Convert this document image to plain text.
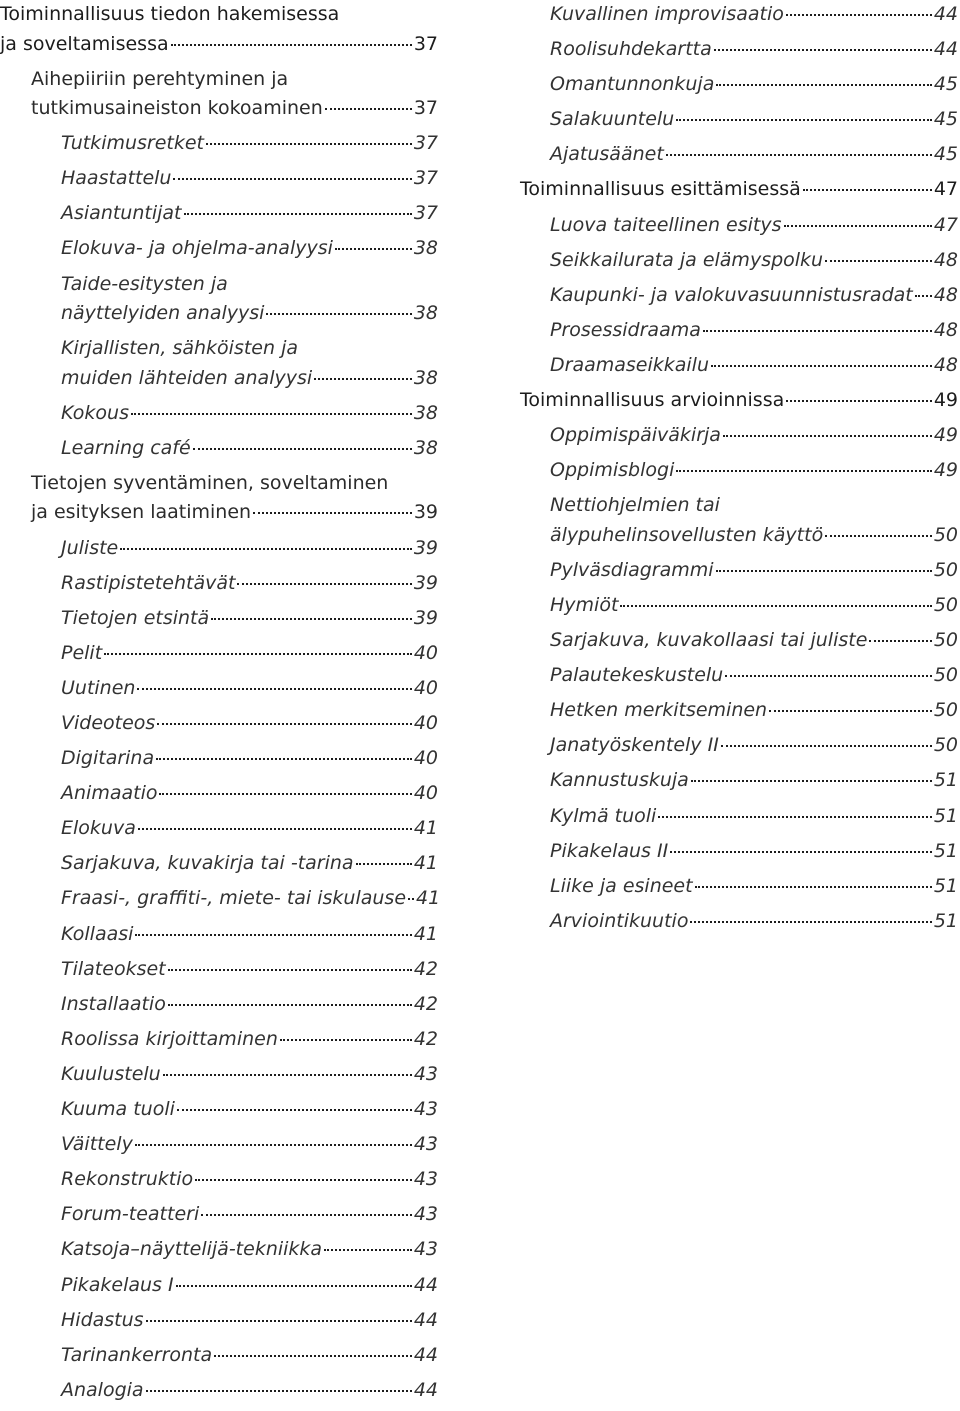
Toiminnallisuus tiedon hakemisessa
ja soveltamisessa	37
Aihepiiriin perehtyminen ja
tutkimusaineiston kokoaminen	37
Tutkimusretket	37
Haastattelu	37
Asiantuntijat	37
Elokuva- ja ohjelma-analyysi	38
Taide-esitysten ja
näyttelyiden analyysi	38
Kirjallisten, sähköisten ja
muiden lähteiden analyysi	38
Kokous	38
Learning café	38
Tietojen syventäminen, soveltaminen
ja esityksen laatiminen	39
Juliste	39
Rastipistetehtävät	39
Tietojen etsintä	39
Pelit	40
Uutinen	40
Videoteos	40
Digitarina	40
Animaatio	40
Elokuva	41
Sarjakuva, kuvakirja tai -tarina	41
Fraasi-, graffiti-, miete- tai iskulause 41
Kollaasi	41
Tilateokset	42
Installaatio	42
Roolissa kirjoittaminen	42
Kuulustelu	43
Kuuma tuoli	43
Väittely	43
Rekonstruktio	43
Forum-teatteri	43
Katsoja–näyttelijä-tekniikka	43
Pikakelaus I	44
Hidastus	44
Tarinankerronta	44
Analogia	44
Kuvallinen improvisaatio	44
Roolisuhdekartta	44
Omantunnonkuja	45
Salakuuntelu	45
Ajatusäänet	45
Toiminnallisuus esittämisessä	47
Luova taiteellinen esitys	47
Seikkailurata ja elämyspolku	48
Kaupunki- ja valokuvasuunnistusradat 48
Prosessidraama	48
Draamaseikkailu	48
Toiminnallisuus arvioinnissa	49
Oppimispäiväkirja	49
Oppimisblogi	49
Nettiohjelmien tai
älypuhelinsovellusten käyttö	50
Pylväsdiagrammi	50
Hymiöt	50
Sarjakuva, kuvakollaasi tai juliste	50
Palautekeskustelu	50
Hetken merkitseminen	50
Janatyöskentely II	50
Kannustuskuja	51
Kylmä tuoli	51
Pikakelaus II	51
Liike ja esineet	51
Arviointikuutio	51
